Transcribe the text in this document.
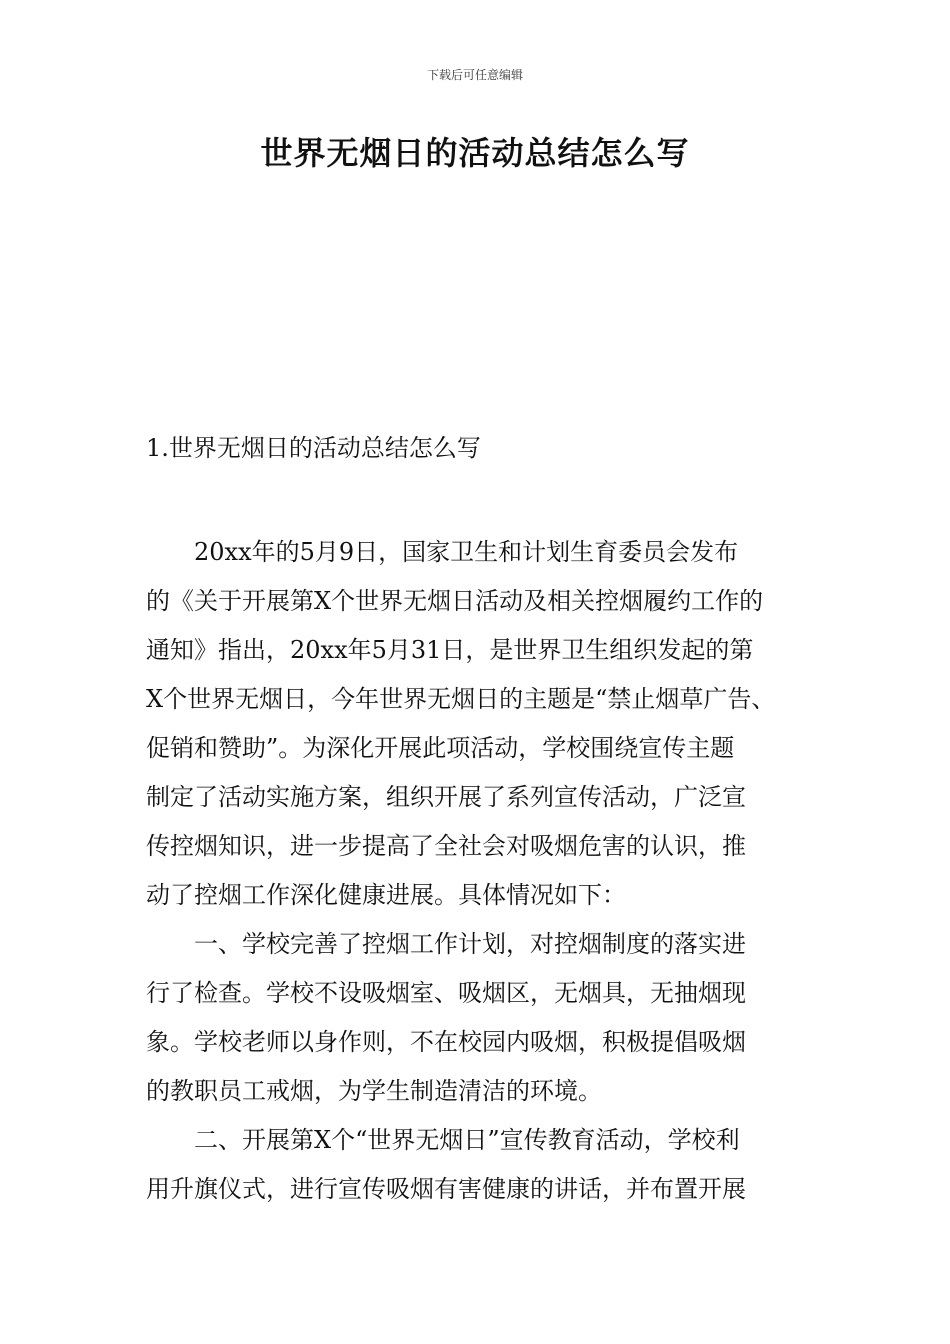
下载后可任意编辑
世界无烟日的活动总结怎么写
1.世界无烟日的活动总结怎么写
　　20xx年的5月9日，国家卫生和计划生育委员会发布
的《关于开展第X个世界无烟日活动及相关控烟履约工作的
通知》指出，20xx年5月31日，是世界卫生组织发起的第
X个世界无烟日，今年世界无烟日的主题是“禁止烟草广告、
促销和赞助”。为深化开展此项活动，学校围绕宣传主题
制定了活动实施方案，组织开展了系列宣传活动，广泛宣
传控烟知识，进一步提高了全社会对吸烟危害的认识，推
动了控烟工作深化健康进展。具体情况如下：
　　一、学校完善了控烟工作计划，对控烟制度的落实进
行了检查。学校不设吸烟室、吸烟区，无烟具，无抽烟现
象。学校老师以身作则，不在校园内吸烟，积极提倡吸烟
的教职员工戒烟，为学生制造清洁的环境。
　　二、开展第X个“世界无烟日”宣传教育活动，学校利
用升旗仪式，进行宣传吸烟有害健康的讲话，并布置开展
